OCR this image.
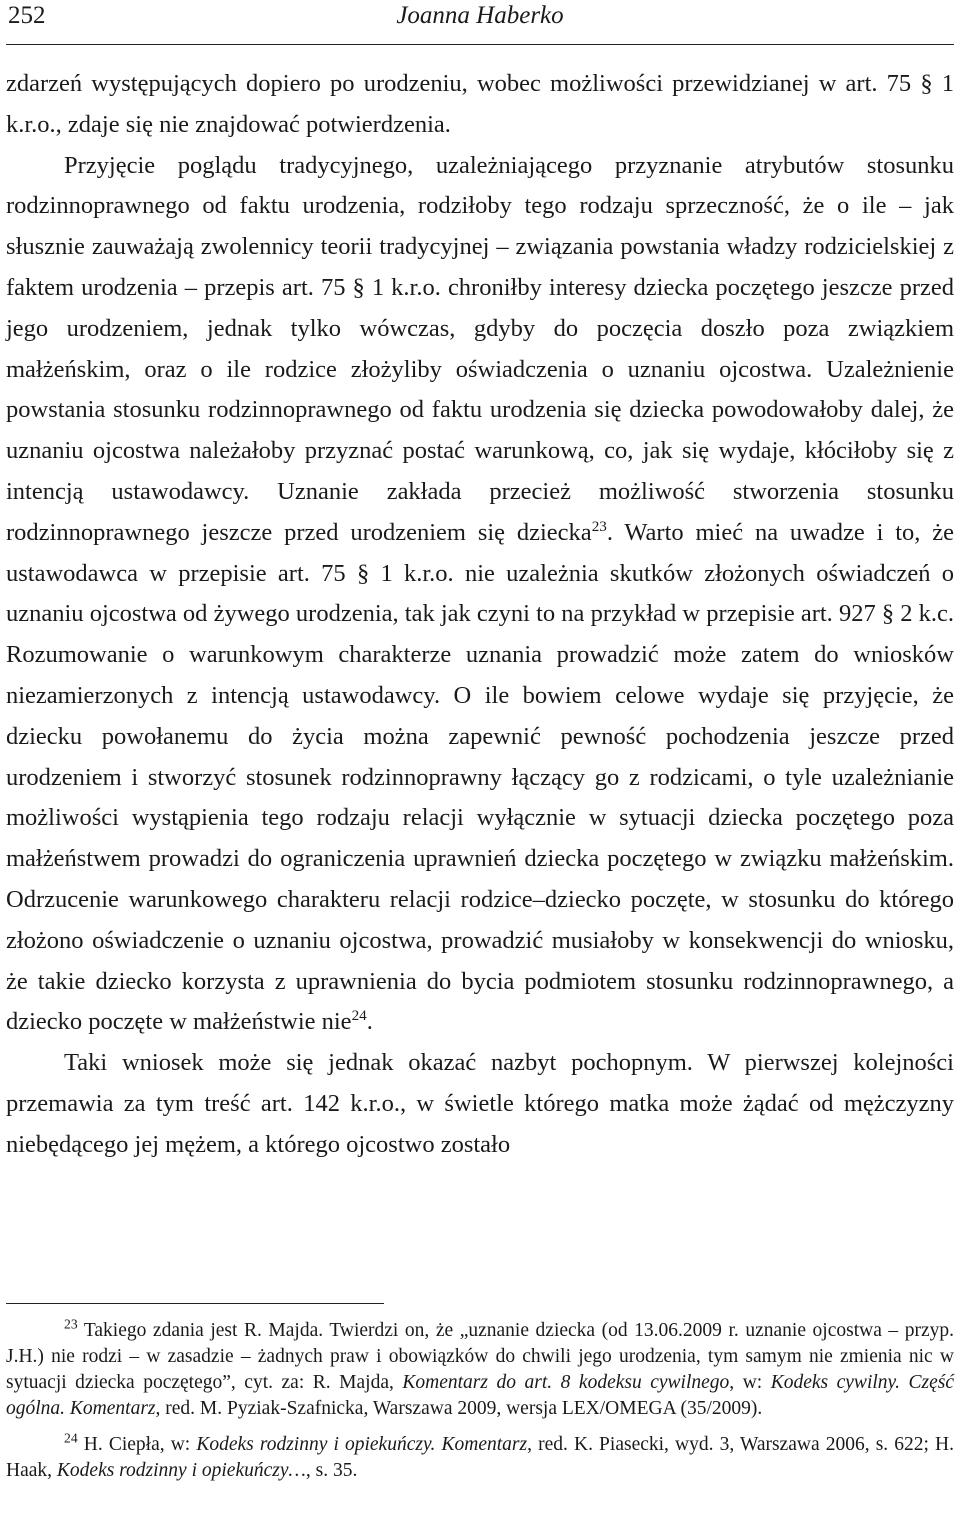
252	Joanna Haberko

zdarzeń występujących dopiero po urodzeniu, wobec możliwości przewidzianej w art. 75 § 1 k.r.o., zdaje się nie znajdować potwierdzenia.

Przyjęcie poglądu tradycyjnego, uzależniającego przyznanie atrybutów stosunku rodzinnoprawnego od faktu urodzenia, rodziłoby tego rodzaju sprzeczność, że o ile – jak słusznie zauważają zwolennicy teorii tradycyjnej – związania powstania władzy rodzicielskiej z faktem urodzenia – przepis art. 75 § 1 k.r.o. chroniłby interesy dziecka poczętego jeszcze przed jego urodzeniem, jednak tylko wówczas, gdyby do poczęcia doszło poza związkiem małżeńskim, oraz o ile rodzice złożyliby oświadczenia o uznaniu ojcostwa. Uzależnienie powstania stosunku rodzinnoprawnego od faktu urodzenia się dziecka powodowałoby dalej, że uznaniu ojcostwa należałoby przyznać postać warunkową, co, jak się wydaje, kłóciłoby się z intencją ustawodawcy. Uznanie zakłada przecież możliwość stworzenia stosunku rodzinnoprawnego jeszcze przed urodzeniem się dziecka$^{23}$. Warto mieć na uwadze i to, że ustawodawca w przepisie art. 75 § 1 k.r.o. nie uzależnia skutków złożonych oświadczeń o uznaniu ojcostwa od żywego urodzenia, tak jak czyni to na przykład w przepisie art. 927 § 2 k.c. Rozumowanie o warunkowym charakterze uznania prowadzić może zatem do wniosków niezamierzonych z intencją ustawodawcy. O ile bowiem celowe wydaje się przyjęcie, że dziecku powołanemu do życia można zapewnić pewność pochodzenia jeszcze przed urodzeniem i stworzyć stosunek rodzinnoprawny łączący go z rodzicami, o tyle uzależnianie możliwości wystąpienia tego rodzaju relacji wyłącznie w sytuacji dziecka poczętego poza małżeństwem prowadzi do ograniczenia uprawnień dziecka poczętego w związku małżeńskim. Odrzucenie warunkowego charakteru relacji rodzice–dziecko poczęte, w stosunku do którego złożono oświadczenie o uznaniu ojcostwa, prowadzić musiałoby w konsekwencji do wniosku, że takie dziecko korzysta z uprawnienia do bycia podmiotem stosunku rodzinnoprawnego, a dziecko poczęte w małżeństwie nie$^{24}$.

Taki wniosek może się jednak okazać nazbyt pochopnym. W pierwszej kolejności przemawia za tym treść art. 142 k.r.o., w świetle którego matka może żądać od mężczyzny niebędącego jej mężem, a którego ojcostwo zostało

$^{23}$ Takiego zdania jest R. Majda. Twierdzi on, że „uznanie dziecka (od 13.06.2009 r. uznanie ojcostwa – przyp. J.H.) nie rodzi – w zasadzie – żadnych praw i obowiązków do chwili jego urodzenia, tym samym nie zmienia nic w sytuacji dziecka poczętego”, cyt. za: R. Majda, Komentarz do art. 8 kodeksu cywilnego, w: Kodeks cywilny. Część ogólna. Komentarz, red. M. Pyziak-Szafnicka, Warszawa 2009, wersja LEX/OMEGA (35/2009).

$^{24}$ H. Ciepła, w: Kodeks rodzinny i opiekuńczy. Komentarz, red. K. Piasecki, wyd. 3, Warszawa 2006, s. 622; H. Haak, Kodeks rodzinny i opiekuńczy…, s. 35.
